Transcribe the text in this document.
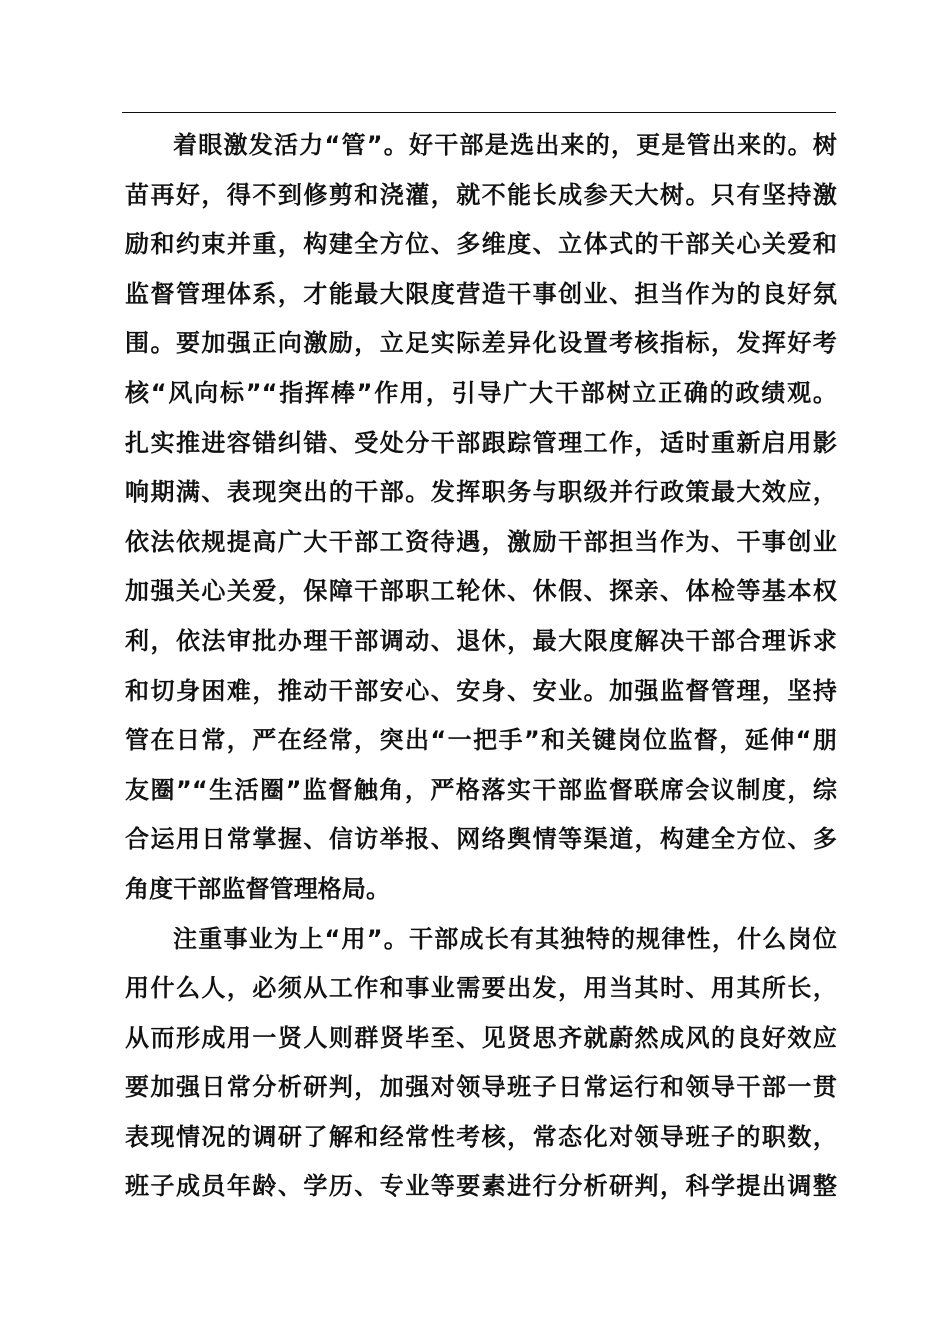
着眼激发活力“管”。好干部是选出来的，更是管出来的。树
苗再好，得不到修剪和浇灌，就不能长成参天大树。只有坚持激
励和约束并重，构建全方位、多维度、立体式的干部关心关爱和
监督管理体系，才能最大限度营造干事创业、担当作为的良好氛
围。要加强正向激励，立足实际差异化设置考核指标，发挥好考
核“风向标”“指挥棒”作用，引导广大干部树立正确的政绩观。
扎实推进容错纠错、受处分干部跟踪管理工作，适时重新启用影
响期满、表现突出的干部。发挥职务与职级并行政策最大效应，
依法依规提高广大干部工资待遇，激励干部担当作为、干事创业
加强关心关爱，保障干部职工轮休、休假、探亲、体检等基本权
利，依法审批办理干部调动、退休，最大限度解决干部合理诉求
和切身困难，推动干部安心、安身、安业。加强监督管理，坚持
管在日常，严在经常，突出“一把手”和关键岗位监督，延伸“朋
友圈”“生活圈”监督触角，严格落实干部监督联席会议制度，综
合运用日常掌握、信访举报、网络舆情等渠道，构建全方位、多
角度干部监督管理格局。
注重事业为上“用”。干部成长有其独特的规律性，什么岗位
用什么人，必须从工作和事业需要出发，用当其时、用其所长，
从而形成用一贤人则群贤毕至、见贤思齐就蔚然成风的良好效应
要加强日常分析研判，加强对领导班子日常运行和领导干部一贯
表现情况的调研了解和经常性考核，常态化对领导班子的职数，
班子成员年龄、学历、专业等要素进行分析研判，科学提出调整
